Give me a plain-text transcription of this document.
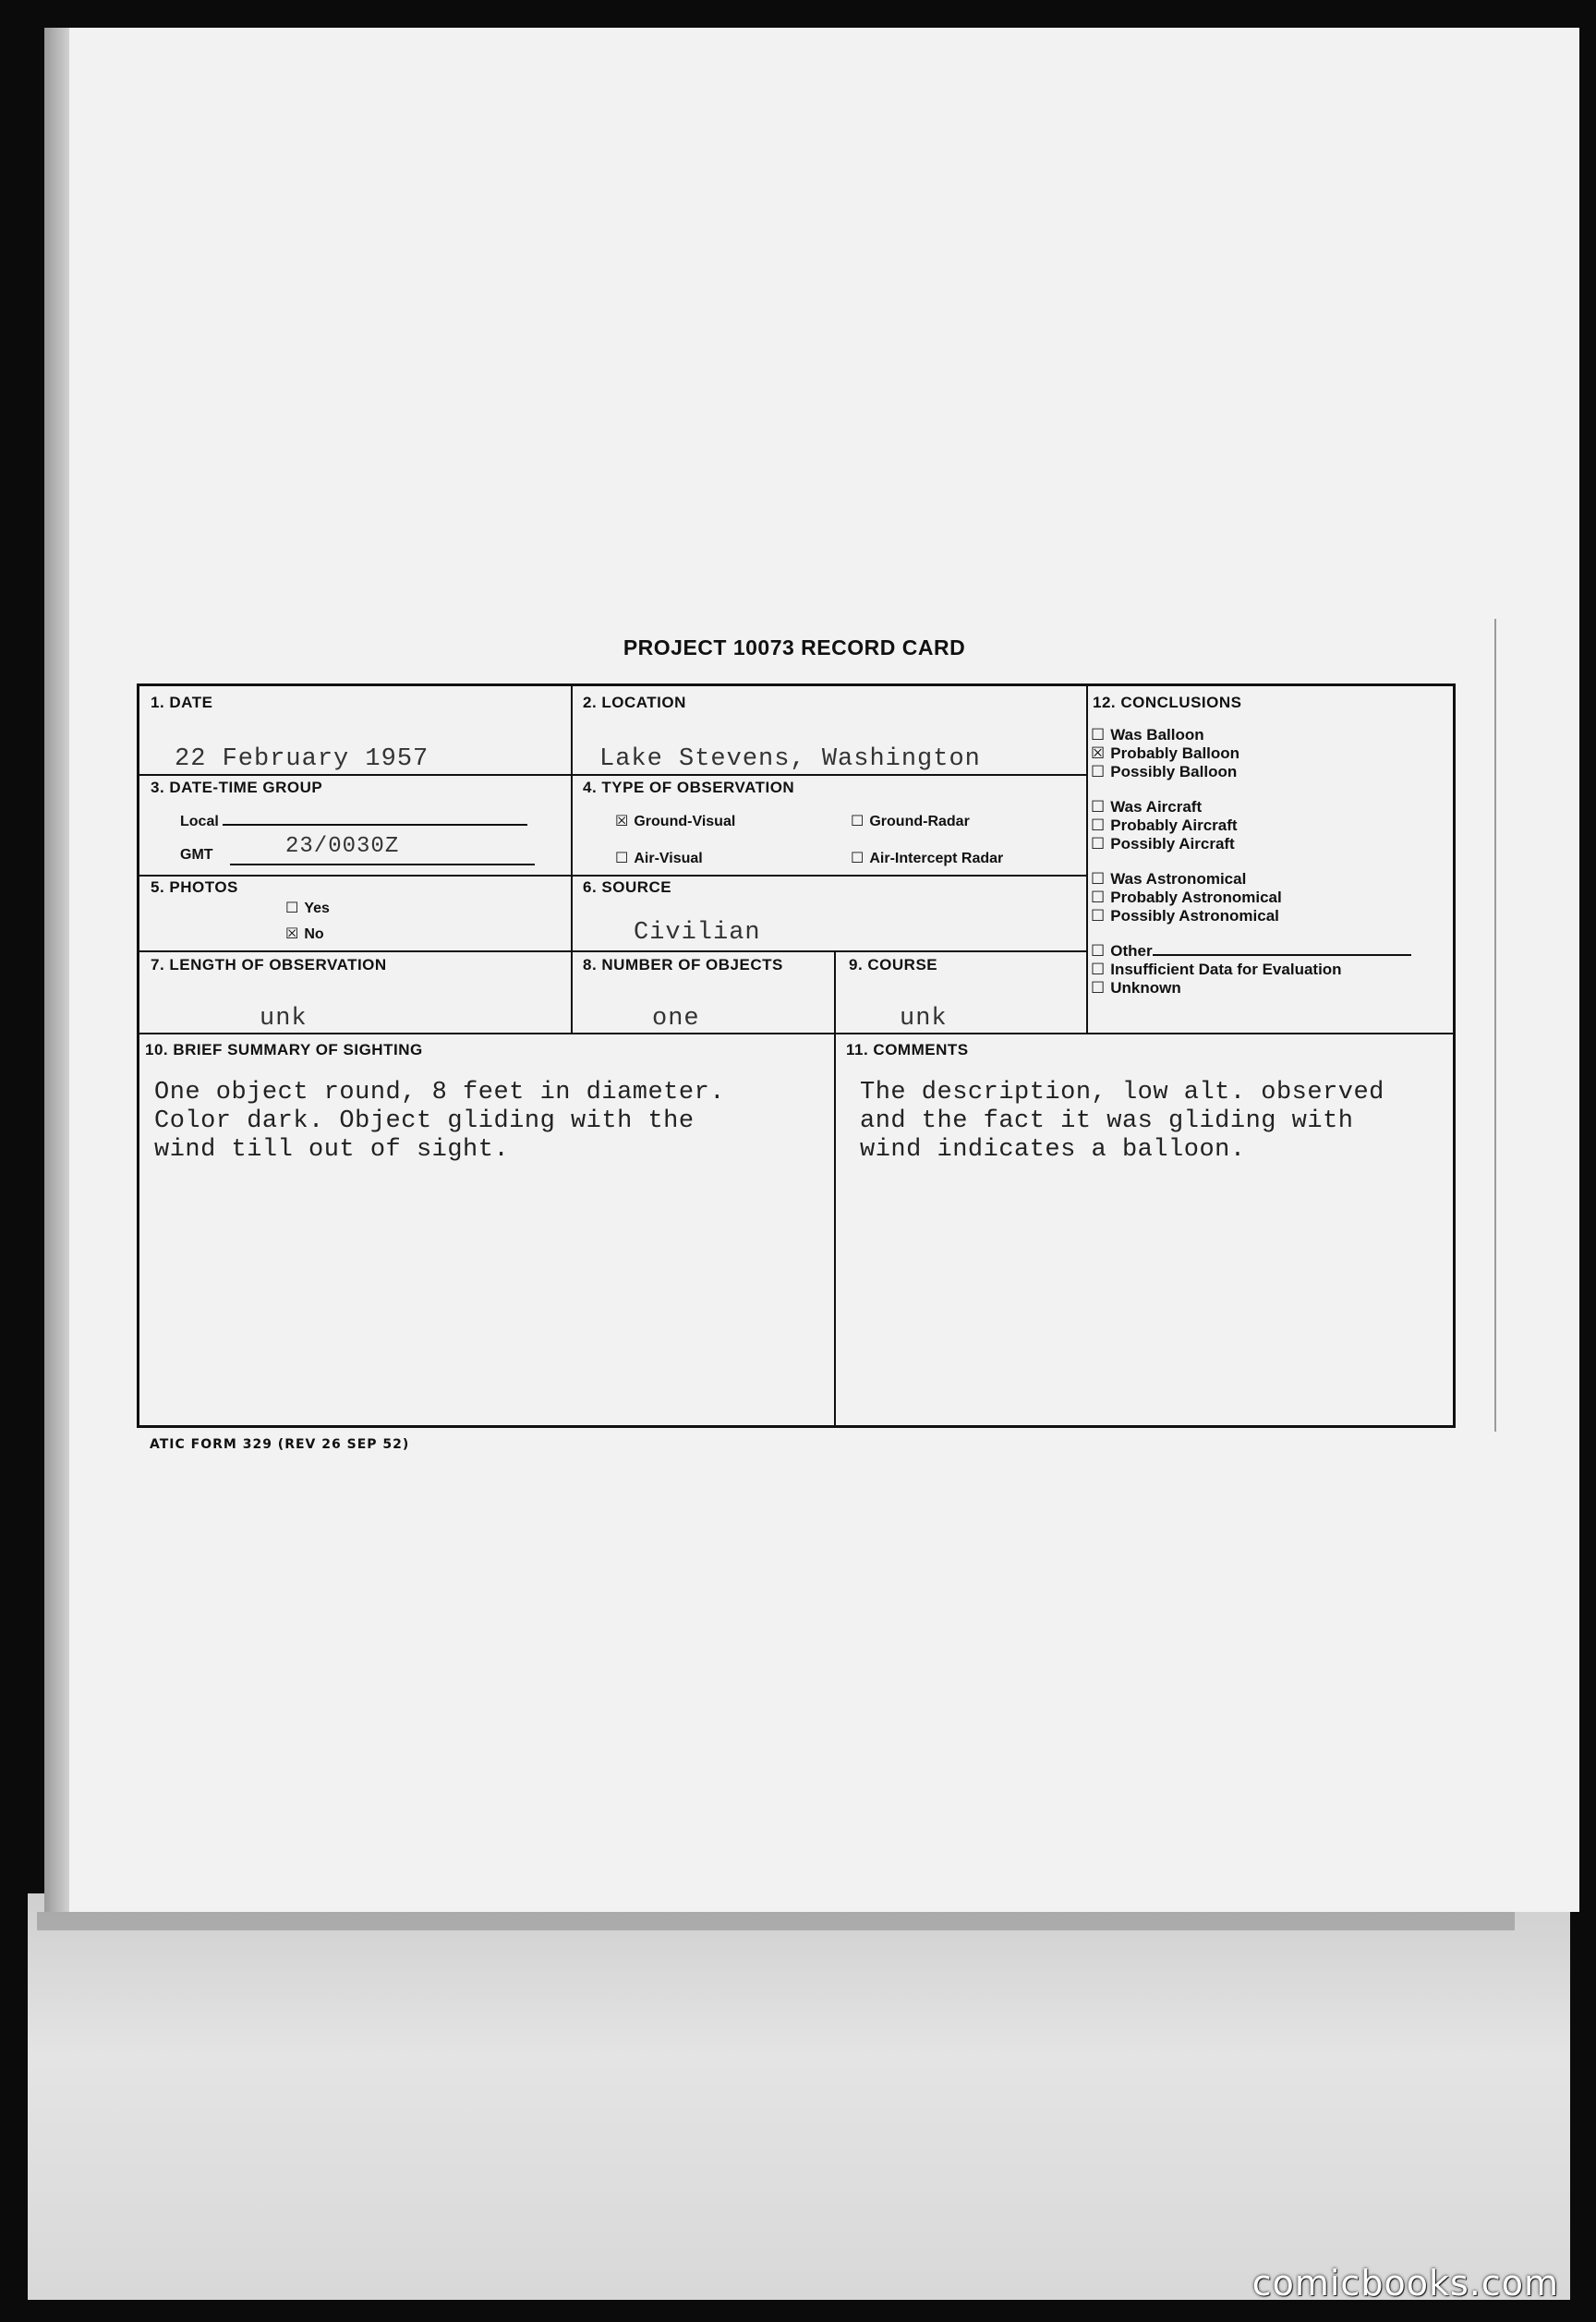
PROJECT 10073 RECORD CARD
1. DATE
22 February 1957
2. LOCATION
Lake Stevens, Washington
3. DATE-TIME GROUP
Local
GMT	23/0030Z
4. TYPE OF OBSERVATION
☒ Ground-Visual	☐ Ground-Radar
☐ Air-Visual	☐ Air-Intercept Radar
5. PHOTOS
☐ Yes
☒ No
6. SOURCE
Civilian
7. LENGTH OF OBSERVATION
unk
8. NUMBER OF OBJECTS
one
9. COURSE
unk
10. BRIEF SUMMARY OF SIGHTING
One object round, 8 feet in diameter.
Color dark. Object gliding with the
wind till out of sight.
11. COMMENTS
The description, low alt. observed
and the fact it was gliding with
wind indicates a balloon.
12. CONCLUSIONS
☐ Was Balloon
☒ Probably Balloon
☐ Possibly Balloon
☐ Was Aircraft
☐ Probably Aircraft
☐ Possibly Aircraft
☐ Was Astronomical
☐ Probably Astronomical
☐ Possibly Astronomical
☐ Other
☐ Insufficient Data for Evaluation
☐ Unknown
ATIC FORM 329 (REV 26 SEP 52)
comicbooks.com
